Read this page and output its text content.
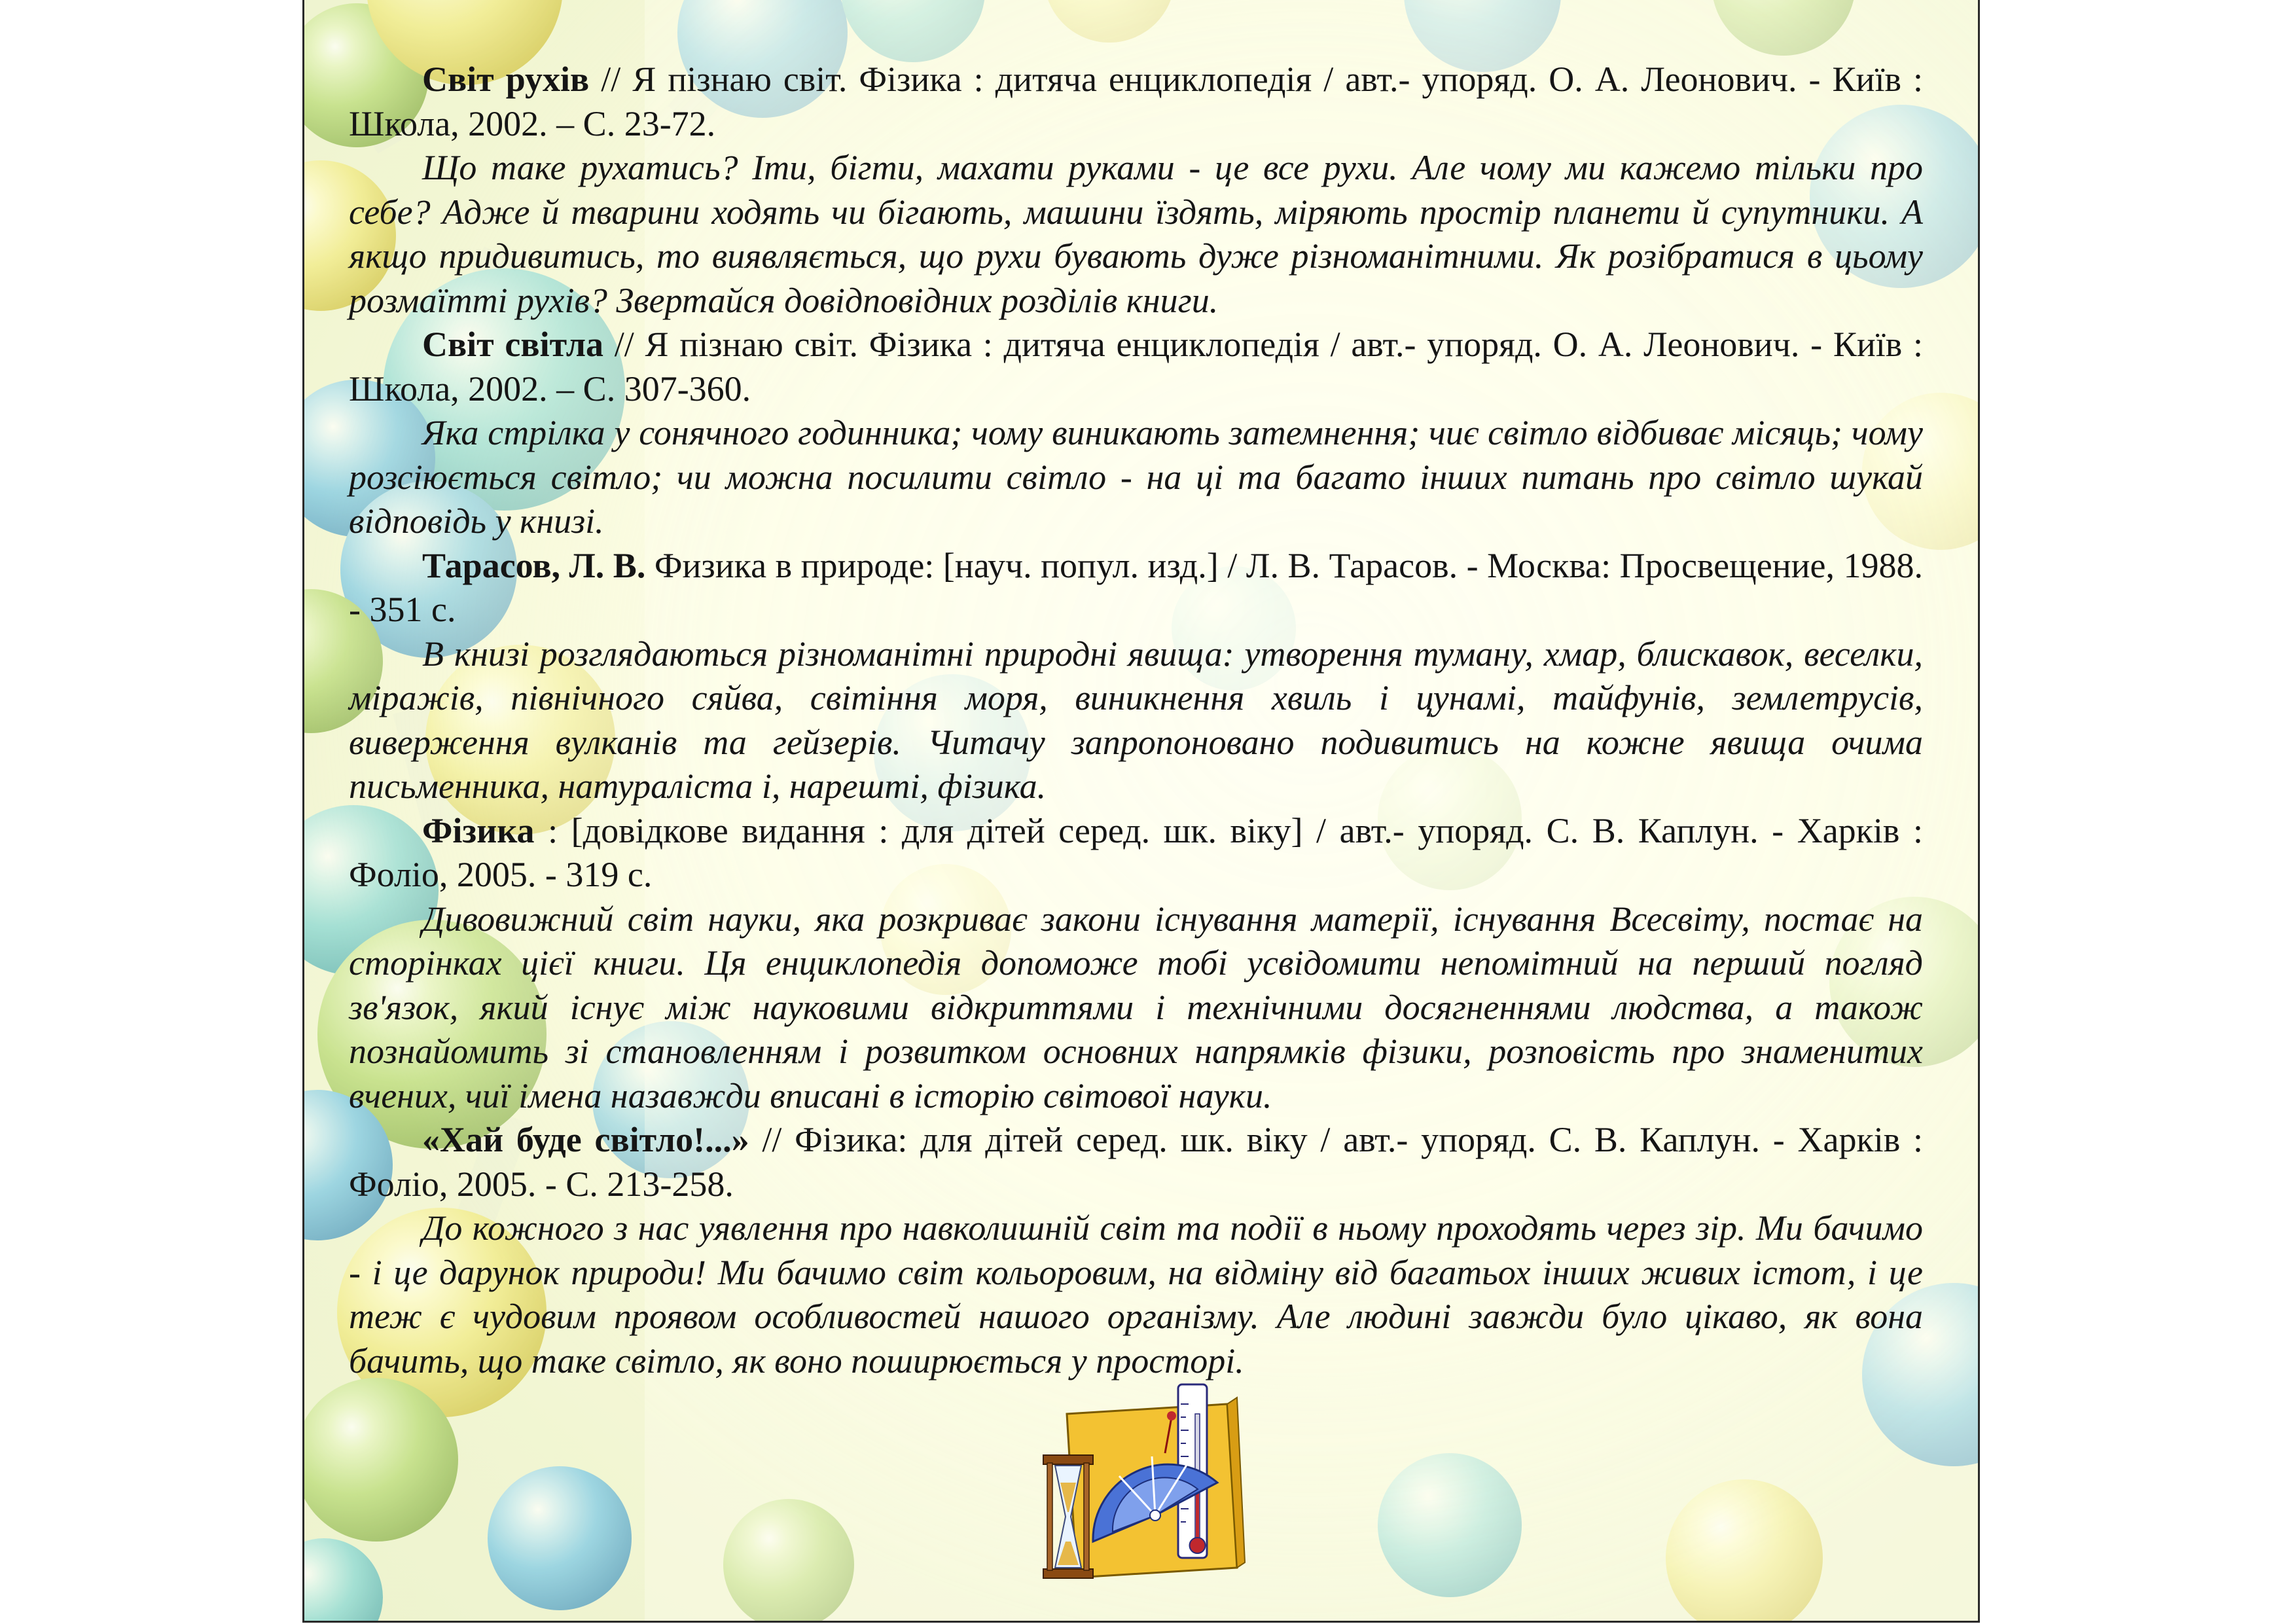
Світ рухів // Я пізнаю світ. Фізика : дитяча енциклопедія / авт.- упоряд. О. А. Леонович. - Київ : Школа, 2002. – С. 23-72.

Що таке рухатись? Іти, бігти, махати руками - це все рухи. Але чому ми кажемо тільки про себе? Адже й тварини ходять чи бігають, машини їздять, міряють простір планети й супутники. А якщо придивитись, то виявляється, що рухи бувають дуже різноманітними. Як розібратися в цьому розмаїтті рухів? Звертайся довідповідних розділів книги.

Світ світла // Я пізнаю світ. Фізика : дитяча енциклопедія / авт.- упоряд. О. А. Леонович. - Київ : Школа, 2002. – С. 307-360.

Яка стрілка у сонячного годинника; чому виникають затемнення; чиє світло відбиває місяць; чому розсіюється світло; чи можна посилити світло - на ці та багато інших питань про світло шукай відповідь у книзі.

Тарасов, Л. В. Физика в природе: [науч. попул. изд.] / Л. В. Тарасов. - Москва: Просвещение, 1988. - 351 с.

В книзі розглядаються різноманітні природні явища: утворення туману, хмар, блискавок, веселки, міражів, північного сяйва, світіння моря, виникнення хвиль і цунамі, тайфунів, землетрусів, виверження вулканів та гейзерів. Читачу запропоновано подивитись на кожне явища очима письменника, натураліста і, нарешті, фізика.

Фізика : [довідкове видання : для дітей серед. шк. віку] / авт.- упоряд. С. В. Каплун. - Харків : Фоліо, 2005. - 319 с.

Дивовижний світ науки, яка розкриває закони існування матерії, існування Всесвіту, постає на сторінках цієї книги. Ця енциклопедія допоможе тобі усвідомити непомітний на перший погляд зв'язок, який існує між науковими відкриттями і технічними досягненнями людства, а також познайомить зі становленням і розвитком основних напрямків фізики, розповість про знаменитих вчених, чиї імена назавжди вписані в історію світової науки.

«Хай буде світло!...» // Фізика: для дітей серед. шк. віку / авт.- упоряд. С. В. Каплун. - Харків : Фоліо, 2005. - С. 213-258.

До кожного з нас уявлення про навколишній світ та події в ньому проходять через зір. Ми бачимо - і це дарунок природи! Ми бачимо світ кольоровим, на відміну від багатьох інших живих істот, і це теж є чудовим проявом особливостей нашого організму. Але людині завжди було цікаво, як вона бачить, що таке світло, як воно поширюється у просторі.
